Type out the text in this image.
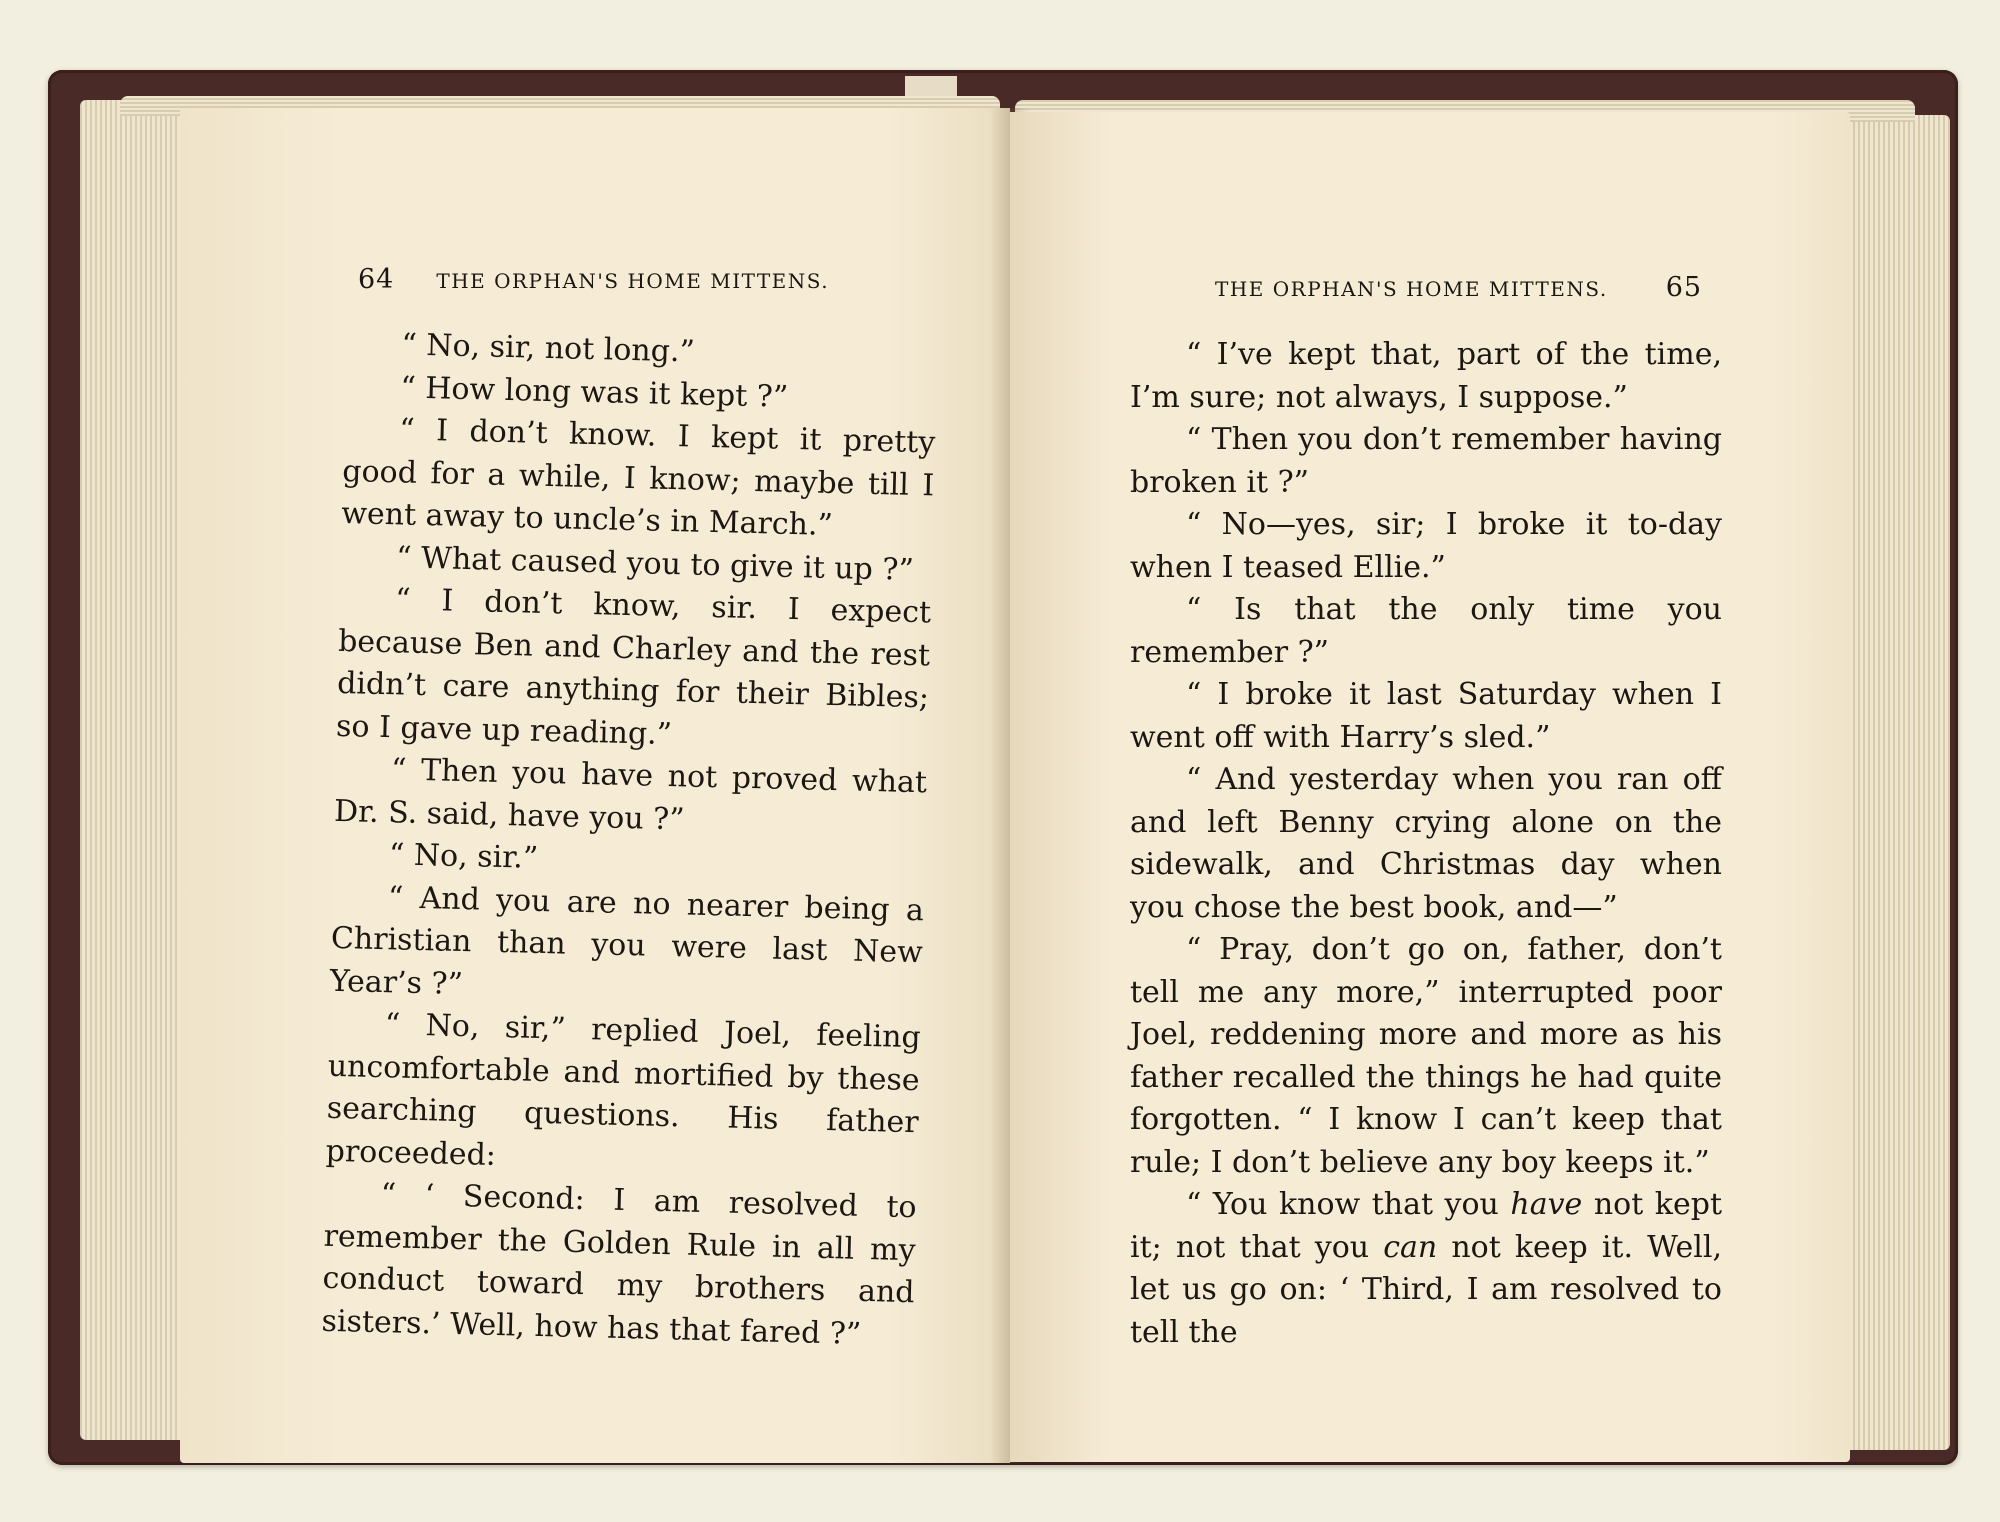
64 THE ORPHAN'S HOME MITTENS.

“ No, sir, not long.”

“ How long was it kept ?”

“ I don’t know. I kept it pretty good for a while, I know; maybe till I went away to uncle’s in March.”

“ What caused you to give it up ?”

“ I don’t know, sir. I expect because Ben and Charley and the rest didn’t care anything for their Bibles; so I gave up reading.”

“ Then you have not proved what Dr. S. said, have you ?”

“ No, sir.”

“ And you are no nearer being a Christian than you were last New Year’s ?”

“ No, sir,” replied Joel, feeling uncomfortable and mortified by these searching questions. His father proceeded:

“ ‘ Second: I am resolved to remember the Golden Rule in all my conduct toward my brothers and sisters.’ Well, how has that fared ?”

THE ORPHAN'S HOME MITTENS. 65

“ I’ve kept that, part of the time, I’m sure; not always, I suppose.”

“ Then you don’t remember having broken it ?”

“ No—yes, sir; I broke it to-day when I teased Ellie.”

“ Is that the only time you remember ?”

“ I broke it last Saturday when I went off with Harry’s sled.”

“ And yesterday when you ran off and left Benny crying alone on the sidewalk, and Christmas day when you chose the best book, and—”

“ Pray, don’t go on, father, don’t tell me any more,” interrupted poor Joel, reddening more and more as his father recalled the things he had quite forgotten. “ I know I can’t keep that rule; I don’t believe any boy keeps it.”

“ You know that you have not kept it; not that you can not keep it. Well, let us go on: ‘ Third, I am resolved to tell the
